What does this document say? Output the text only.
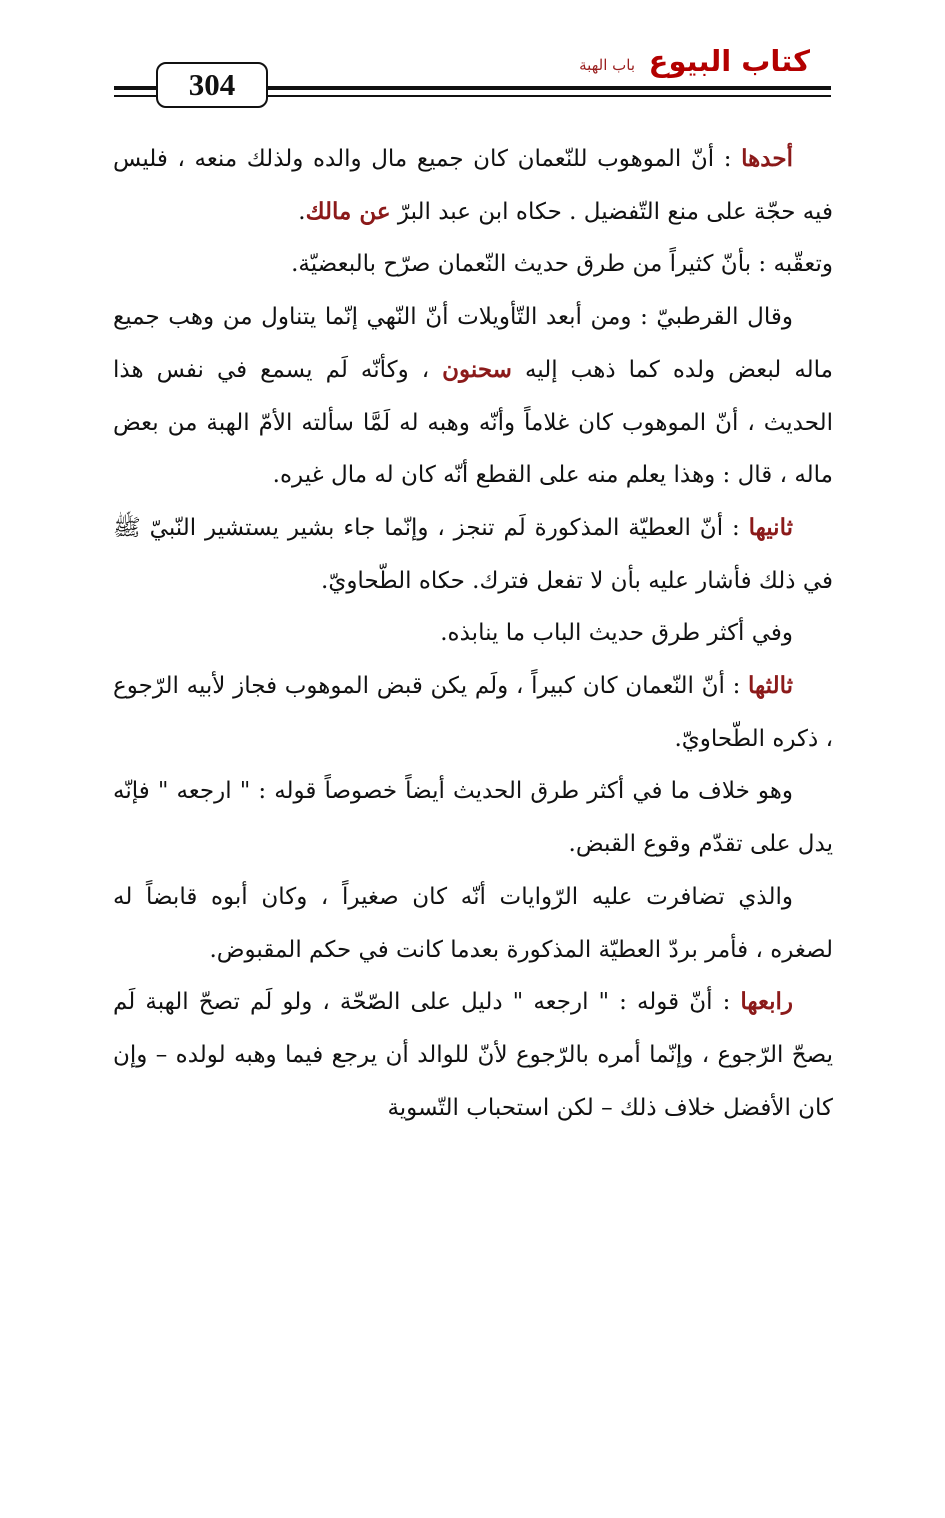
304
كتاب البيوع
باب الهبة

أحدها : أنّ الموهوب للنّعمان كان جميع مال والده ولذلك منعه ، فليس فيه حجّة على منع التّفضيل . حكاه ابن عبد البرّ عن مالك.

وتعقّبه : بأنّ كثيراً من طرق حديث النّعمان صرّح بالبعضيّة.

وقال القرطبيّ : ومن أبعد التّأويلات أنّ النّهي إنّما يتناول من وهب جميع ماله لبعض ولده كما ذهب إليه سحنون ، وكأنّه لَم يسمع في نفس هذا الحديث ، أنّ الموهوب كان غلاماً وأنّه وهبه له لَمَّا سألته الأمّ الهبة من بعض ماله ، قال : وهذا يعلم منه على القطع أنّه كان له مال غيره.

ثانيها : أنّ العطيّة المذكورة لَم تنجز ، وإنّما جاء بشير يستشير النّبيّ ﷺ في ذلك فأشار عليه بأن لا تفعل فترك. حكاه الطّحاويّ.

وفي أكثر طرق حديث الباب ما ينابذه.

ثالثها : أنّ النّعمان كان كبيراً ، ولَم يكن قبض الموهوب فجاز لأبيه الرّجوع ، ذكره الطّحاويّ.

وهو خلاف ما في أكثر طرق الحديث أيضاً خصوصاً قوله : " ارجعه " فإنّه يدل على تقدّم وقوع القبض.

والذي تضافرت عليه الرّوايات أنّه كان صغيراً ، وكان أبوه قابضاً له لصغره ، فأمر بردّ العطيّة المذكورة بعدما كانت في حكم المقبوض.

رابعها : أنّ قوله : " ارجعه " دليل على الصّحّة ، ولو لَم تصحّ الهبة لَم يصحّ الرّجوع ، وإنّما أمره بالرّجوع لأنّ للوالد أن يرجع فيما وهبه لولده – وإن كان الأفضل خلاف ذلك – لكن استحباب التّسوية
